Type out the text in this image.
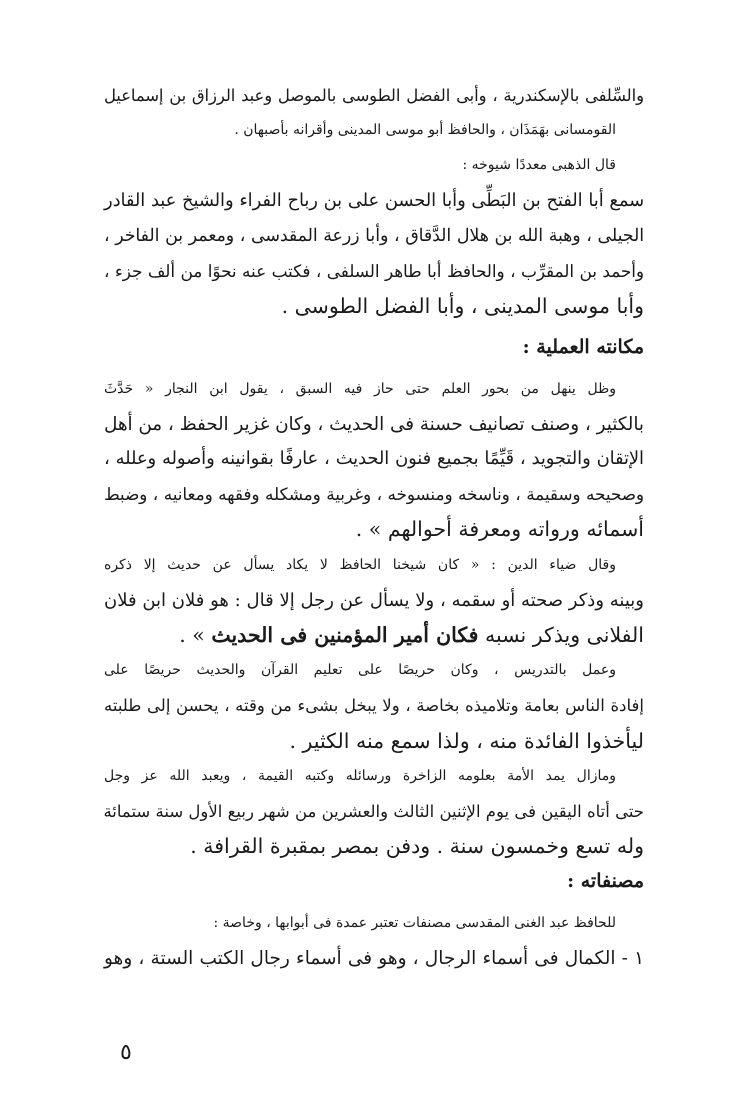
والسِّلفى بالإسكندرية ، وأبى الفضل الطوسى بالموصل وعبد الرزاق بن إسماعيل
القومسانى بهَمَذَان ، والحافظ أبو موسى المدينى وأقرانه بأصبهان .

قال الذهبى معددًا شيوخه :

سمع أبا الفتح بن البَطِّى وأبا الحسن على بن رباح الفراء والشيخ عبد القادر
الجيلى ، وهبة الله بن هلال الدَّقاق ، وأبا زرعة المقدسى ، ومعمر بن الفاخر ،
وأحمد بن المقرِّب ، والحافظ أبا طاهر السلفى ، فكتب عنه نحوًا من ألف جزء ،
وأبا موسى المدينى ، وأبا الفضل الطوسى .

مكانته العملية :

وظل ينهل من بحور العلم حتى حاز فيه السبق ، يقول ابن النجار « حَدَّثَ
بالكثير ، وصنف تصانيف حسنة فى الحديث ، وكان غزير الحفظ ، من أهل
الإتقان والتجويد ، قَيِّمًا بجميع فنون الحديث ، عارفًا بقوانينه وأصوله وعلله ،
وصحيحه وسقيمة ، وناسخه ومنسوخه ، وغربية ومشكله وفقهه ومعانيه ، وضبط
أسمائه ورواته ومعرفة أحوالهم » .

وقال ضياء الدين : « كان شيخنا الحافظ لا يكاد يسأل عن حديث إلا ذكره
وبينه وذكر صحته أو سقمه ، ولا يسأل عن رجل إلا قال : هو فلان ابن فلان
الفلانى ويذكر نسبه فكان أمير المؤمنين فى الحديث » .

وعمل بالتدريس ، وكان حريصًا على تعليم القرآن والحديث حريصًا على
إفادة الناس بعامة وتلاميذه بخاصة ، ولا يبخل بشىء من وقته ، يحسن إلى طلبته
ليأخذوا الفائدة منه ، ولذا سمع منه الكثير .

ومازال يمد الأمة بعلومه الزاخرة ورسائله وكتبه القيمة ، ويعبد الله عز وجل
حتى أتاه اليقين فى يوم الإثنين الثالث والعشرين من شهر ربيع الأول سنة ستمائة
وله تسع وخمسون سنة . ودفن بمصر بمقبرة القرافة .

مصنفاته :

للحافظ عبد الغنى المقدسى مصنفات تعتبر عمدة فى أبوابها ، وخاصة :
١ - الكمال فى أسماء الرجال ، وهو فى أسماء رجال الكتب الستة ، وهو

٥
